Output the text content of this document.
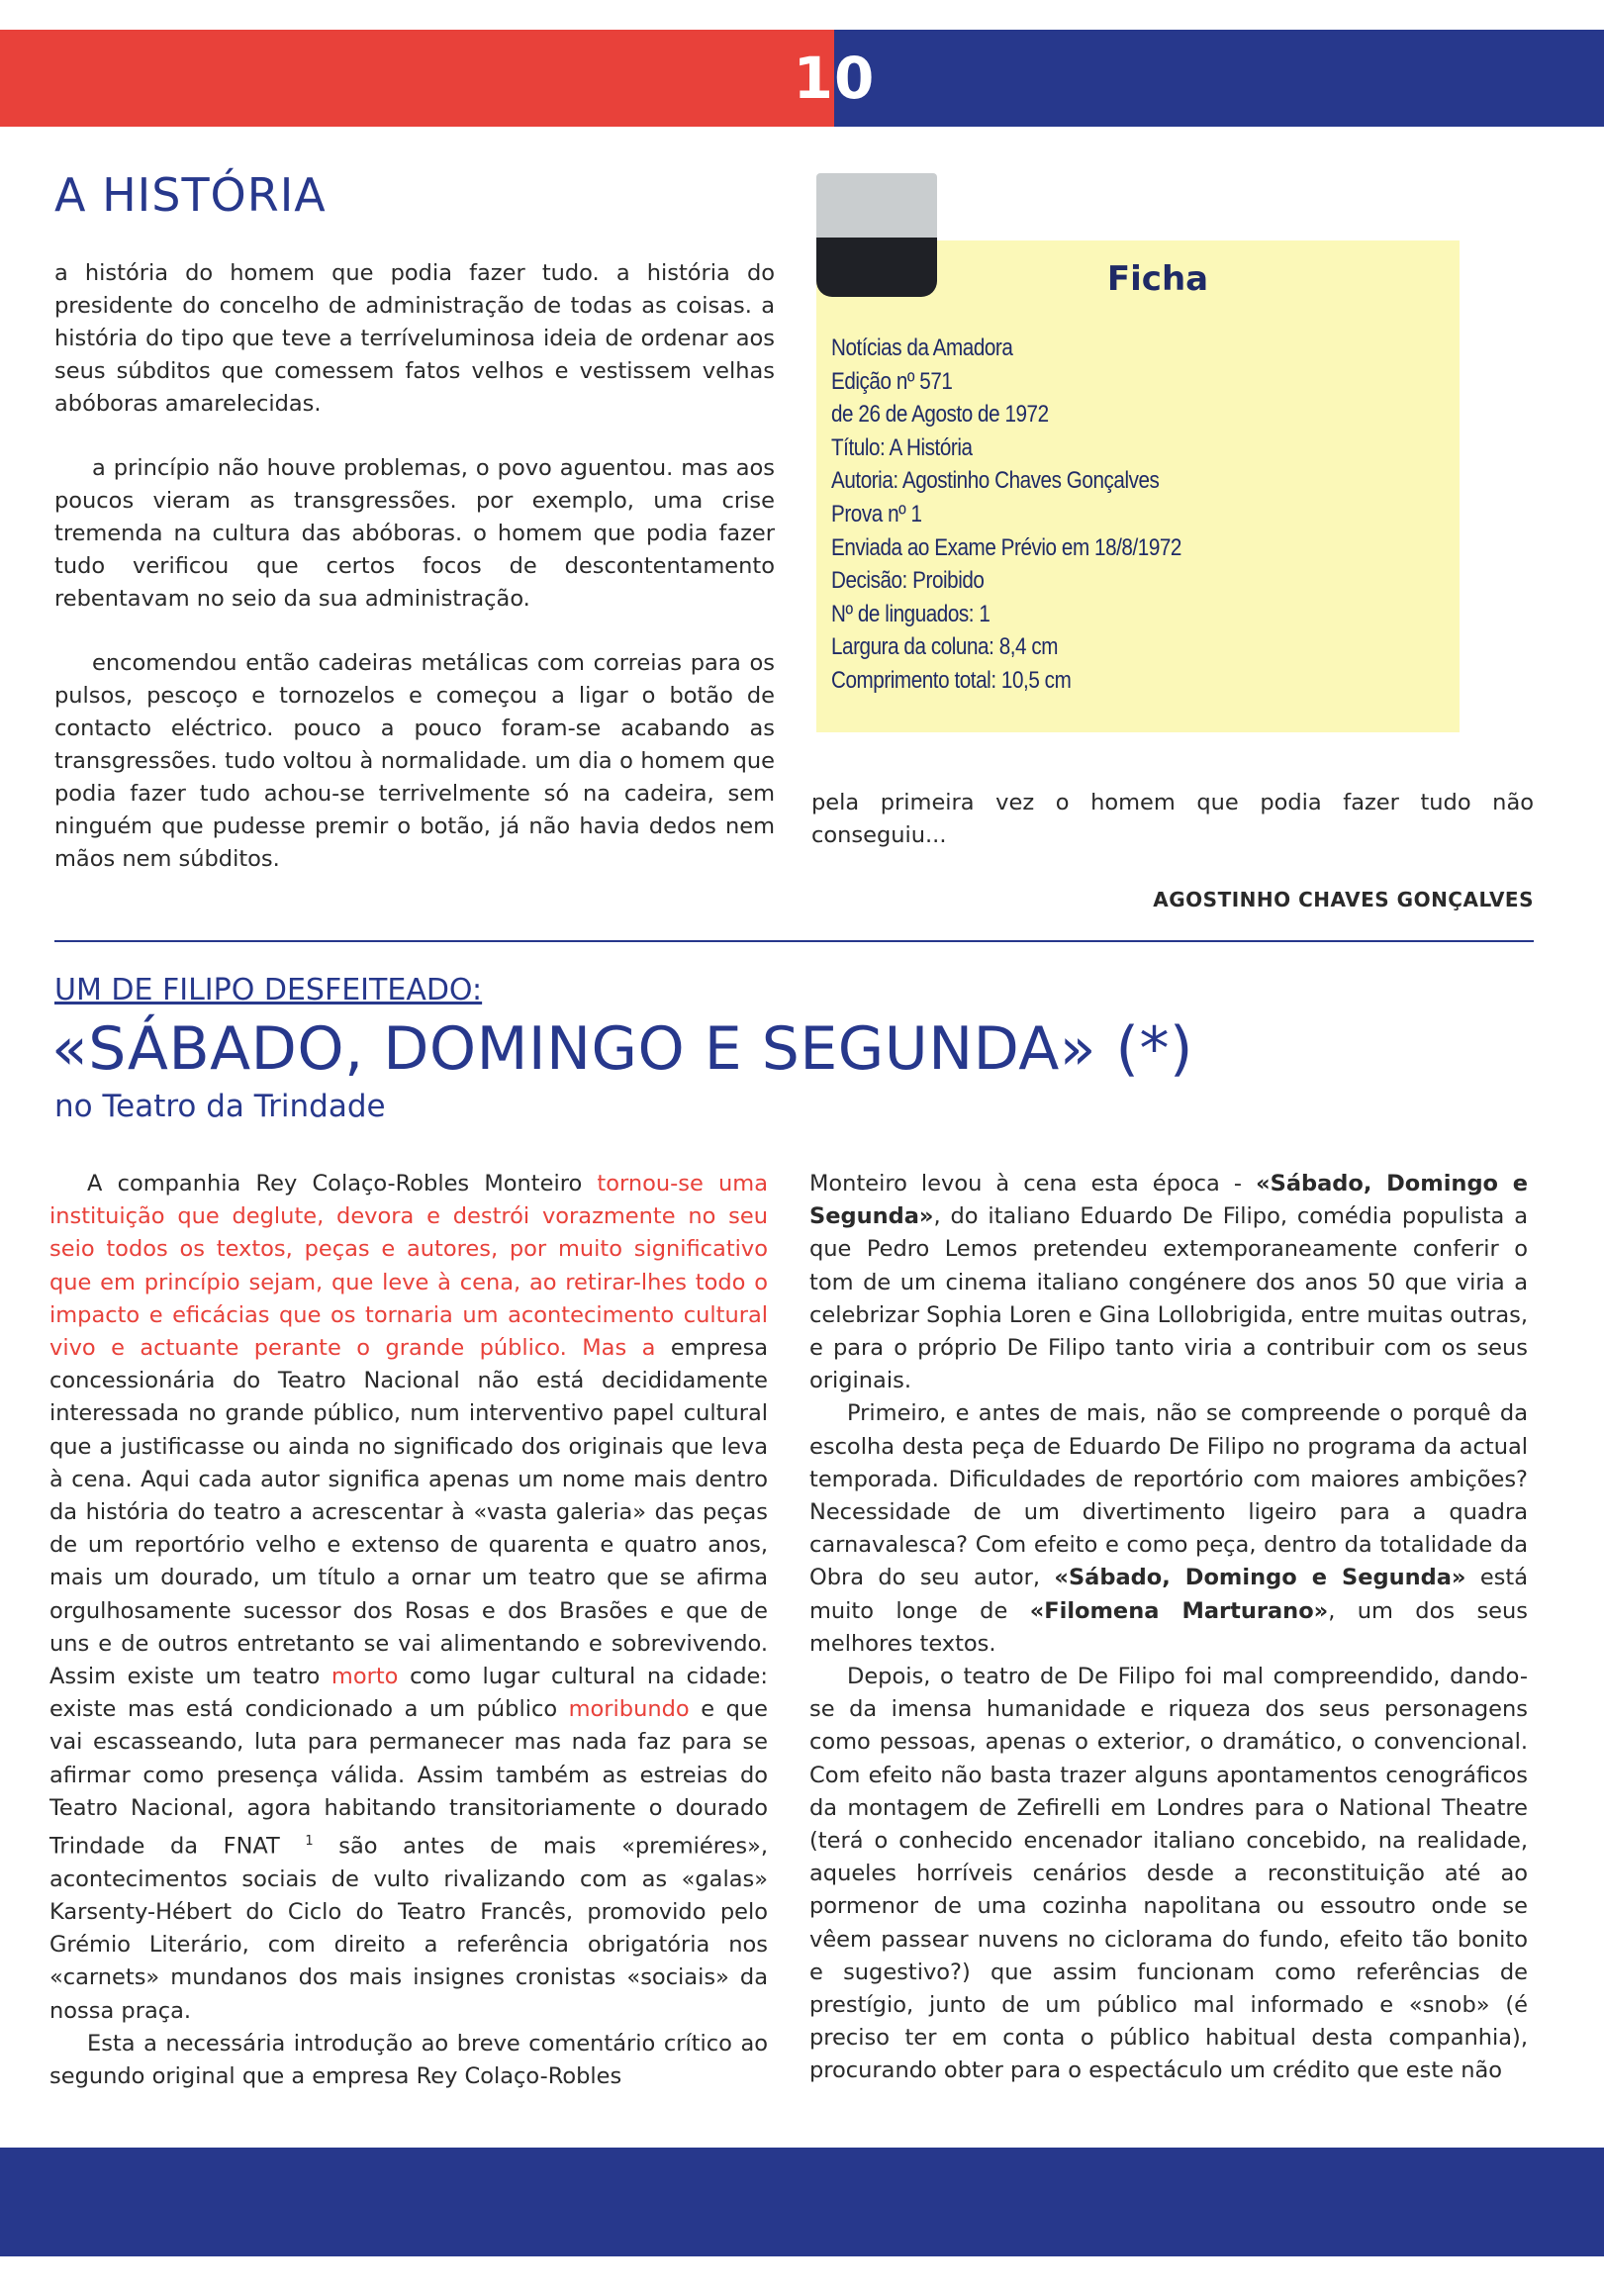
10
A HISTÓRIA

a história do homem que podia fazer tudo. a história do presidente do concelho de administração de todas as coisas. a história do tipo que teve a terríveluminosa ideia de ordenar aos seus súbditos que comessem fatos velhos e vestissem velhas abóboras amarelecidas.

a princípio não houve problemas, o povo aguentou. mas aos poucos vieram as transgressões. por exemplo, uma crise tremenda na cultura das abóboras. o homem que podia fazer tudo verificou que certos focos de descontentamento rebentavam no seio da sua administração.

encomendou então cadeiras metálicas com correias para os pulsos, pescoço e tornozelos e começou a ligar o botão de contacto eléctrico. pouco a pouco foram-se acabando as transgressões. tudo voltou à normalidade. um dia o homem que podia fazer tudo achou-se terrivelmente só na cadeira, sem ninguém que pudesse premir o botão, já não havia dedos nem mãos nem súbditos.

Ficha
Notícias da Amadora
Edição nº 571
de 26 de Agosto de 1972
Título: A História
Autoria: Agostinho Chaves Gonçalves
Prova nº 1
Enviada ao Exame Prévio em 18/8/1972
Decisão: Proibido
Nº de linguados: 1
Largura da coluna: 8,4 cm
Comprimento total: 10,5 cm

pela primeira vez o homem que podia fazer tudo não conseguiu...

AGOSTINHO CHAVES GONÇALVES

UM DE FILIPO DESFEITEADO:

«SÁBADO, DOMINGO E SEGUNDA» (*)

no Teatro da Trindade

A companhia Rey Colaço-Robles Monteiro tornou-se uma instituição que deglute, devora e destrói vorazmente no seu seio todos os textos, peças e autores, por muito significativo que em princípio sejam, que leve à cena, ao retirar-lhes todo o impacto e eficácias que os tornaria um acontecimento cultural vivo e actuante perante o grande público. Mas a empresa concessionária do Teatro Nacional não está decididamente interessada no grande público, num interventivo papel cultural que a justificasse ou ainda no significado dos originais que leva à cena. Aqui cada autor significa apenas um nome mais dentro da história do teatro a acrescentar à «vasta galeria» das peças de um reportório velho e extenso de quarenta e quatro anos, mais um dourado, um título a ornar um teatro que se afirma orgulhosamente sucessor dos Rosas e dos Brasões e que de uns e de outros entretanto se vai alimentando e sobrevivendo. Assim existe um teatro morto como lugar cultural na cidade: existe mas está condicionado a um público moribundo e que vai escasseando, luta para permanecer mas nada faz para se afirmar como presença válida. Assim também as estreias do Teatro Nacional, agora habitando transitoriamente o dourado Trindade da FNAT $^1$ são antes de mais «premiéres», acontecimentos sociais de vulto rivalizando com as «galas» Karsenty-Hébert do Ciclo do Teatro Francês, promovido pelo Grémio Literário, com direito a referência obrigatória nos «carnets» mundanos dos mais insignes cronistas «sociais» da nossa praça.

Esta a necessária introdução ao breve comentário crítico ao segundo original que a empresa Rey Colaço-Robles

Monteiro levou à cena esta época - «Sábado, Domingo e Segunda», do italiano Eduardo De Filipo, comédia populista a que Pedro Lemos pretendeu extemporaneamente conferir o tom de um cinema italiano congénere dos anos 50 que viria a celebrizar Sophia Loren e Gina Lollobrigida, entre muitas outras, e para o próprio De Filipo tanto viria a contribuir com os seus originais.

Primeiro, e antes de mais, não se compreende o porquê da escolha desta peça de Eduardo De Filipo no programa da actual temporada. Dificuldades de reportório com maiores ambições? Necessidade de um divertimento ligeiro para a quadra carnavalesca? Com efeito e como peça, dentro da totalidade da Obra do seu autor, «Sábado, Domingo e Segunda» está muito longe de «Filomena Marturano», um dos seus melhores textos.

Depois, o teatro de De Filipo foi mal compreendido, dando-se da imensa humanidade e riqueza dos seus personagens como pessoas, apenas o exterior, o dramático, o convencional. Com efeito não basta trazer alguns apontamentos cenográficos da montagem de Zefirelli em Londres para o National Theatre (terá o conhecido encenador italiano concebido, na realidade, aqueles horríveis cenários desde a reconstituição até ao pormenor de uma cozinha napolitana ou essoutro onde se vêem passear nuvens no ciclorama do fundo, efeito tão bonito e sugestivo?) que assim funcionam como referências de prestígio, junto de um público mal informado e «snob» (é preciso ter em conta o público habitual desta companhia), procurando obter para o espectáculo um crédito que este não
